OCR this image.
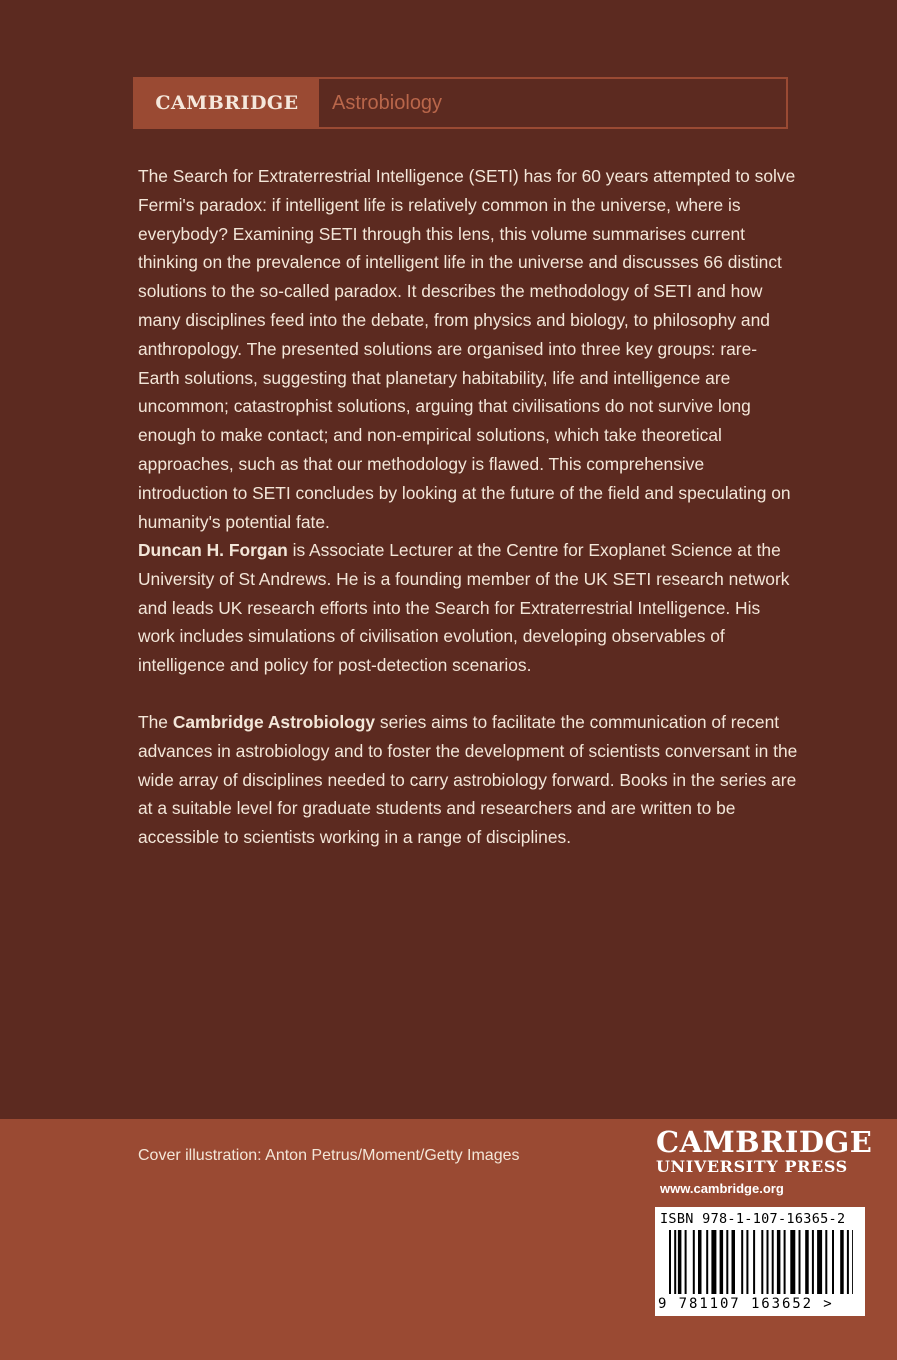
CAMBRIDGE	Astrobiology
The Search for Extraterrestrial Intelligence (SETI) has for 60 years attempted to solve Fermi's paradox: if intelligent life is relatively common in the universe, where is everybody? Examining SETI through this lens, this volume summarises current thinking on the prevalence of intelligent life in the universe and discusses 66 distinct solutions to the so-called paradox. It describes the methodology of SETI and how many disciplines feed into the debate, from physics and biology, to philosophy and anthropology. The presented solutions are organised into three key groups: rare-Earth solutions, suggesting that planetary habitability, life and intelligence are uncommon; catastrophist solutions, arguing that civilisations do not survive long enough to make contact; and non-empirical solutions, which take theoretical approaches, such as that our methodology is flawed. This comprehensive introduction to SETI concludes by looking at the future of the field and speculating on humanity's potential fate.
Duncan H. Forgan is Associate Lecturer at the Centre for Exoplanet Science at the University of St Andrews. He is a founding member of the UK SETI research network and leads UK research efforts into the Search for Extraterrestrial Intelligence. His work includes simulations of civilisation evolution, developing observables of intelligence and policy for post-detection scenarios.
The Cambridge Astrobiology series aims to facilitate the communication of recent advances in astrobiology and to foster the development of scientists conversant in the wide array of disciplines needed to carry astrobiology forward. Books in the series are at a suitable level for graduate students and researchers and are written to be accessible to scientists working in a range of disciplines.
Cover illustration: Anton Petrus/Moment/Getty Images	CAMBRIDGE
UNIVERSITY PRESS
www.cambridge.org
ISBN 978-1-107-16365-2
9 781107 163652 >
